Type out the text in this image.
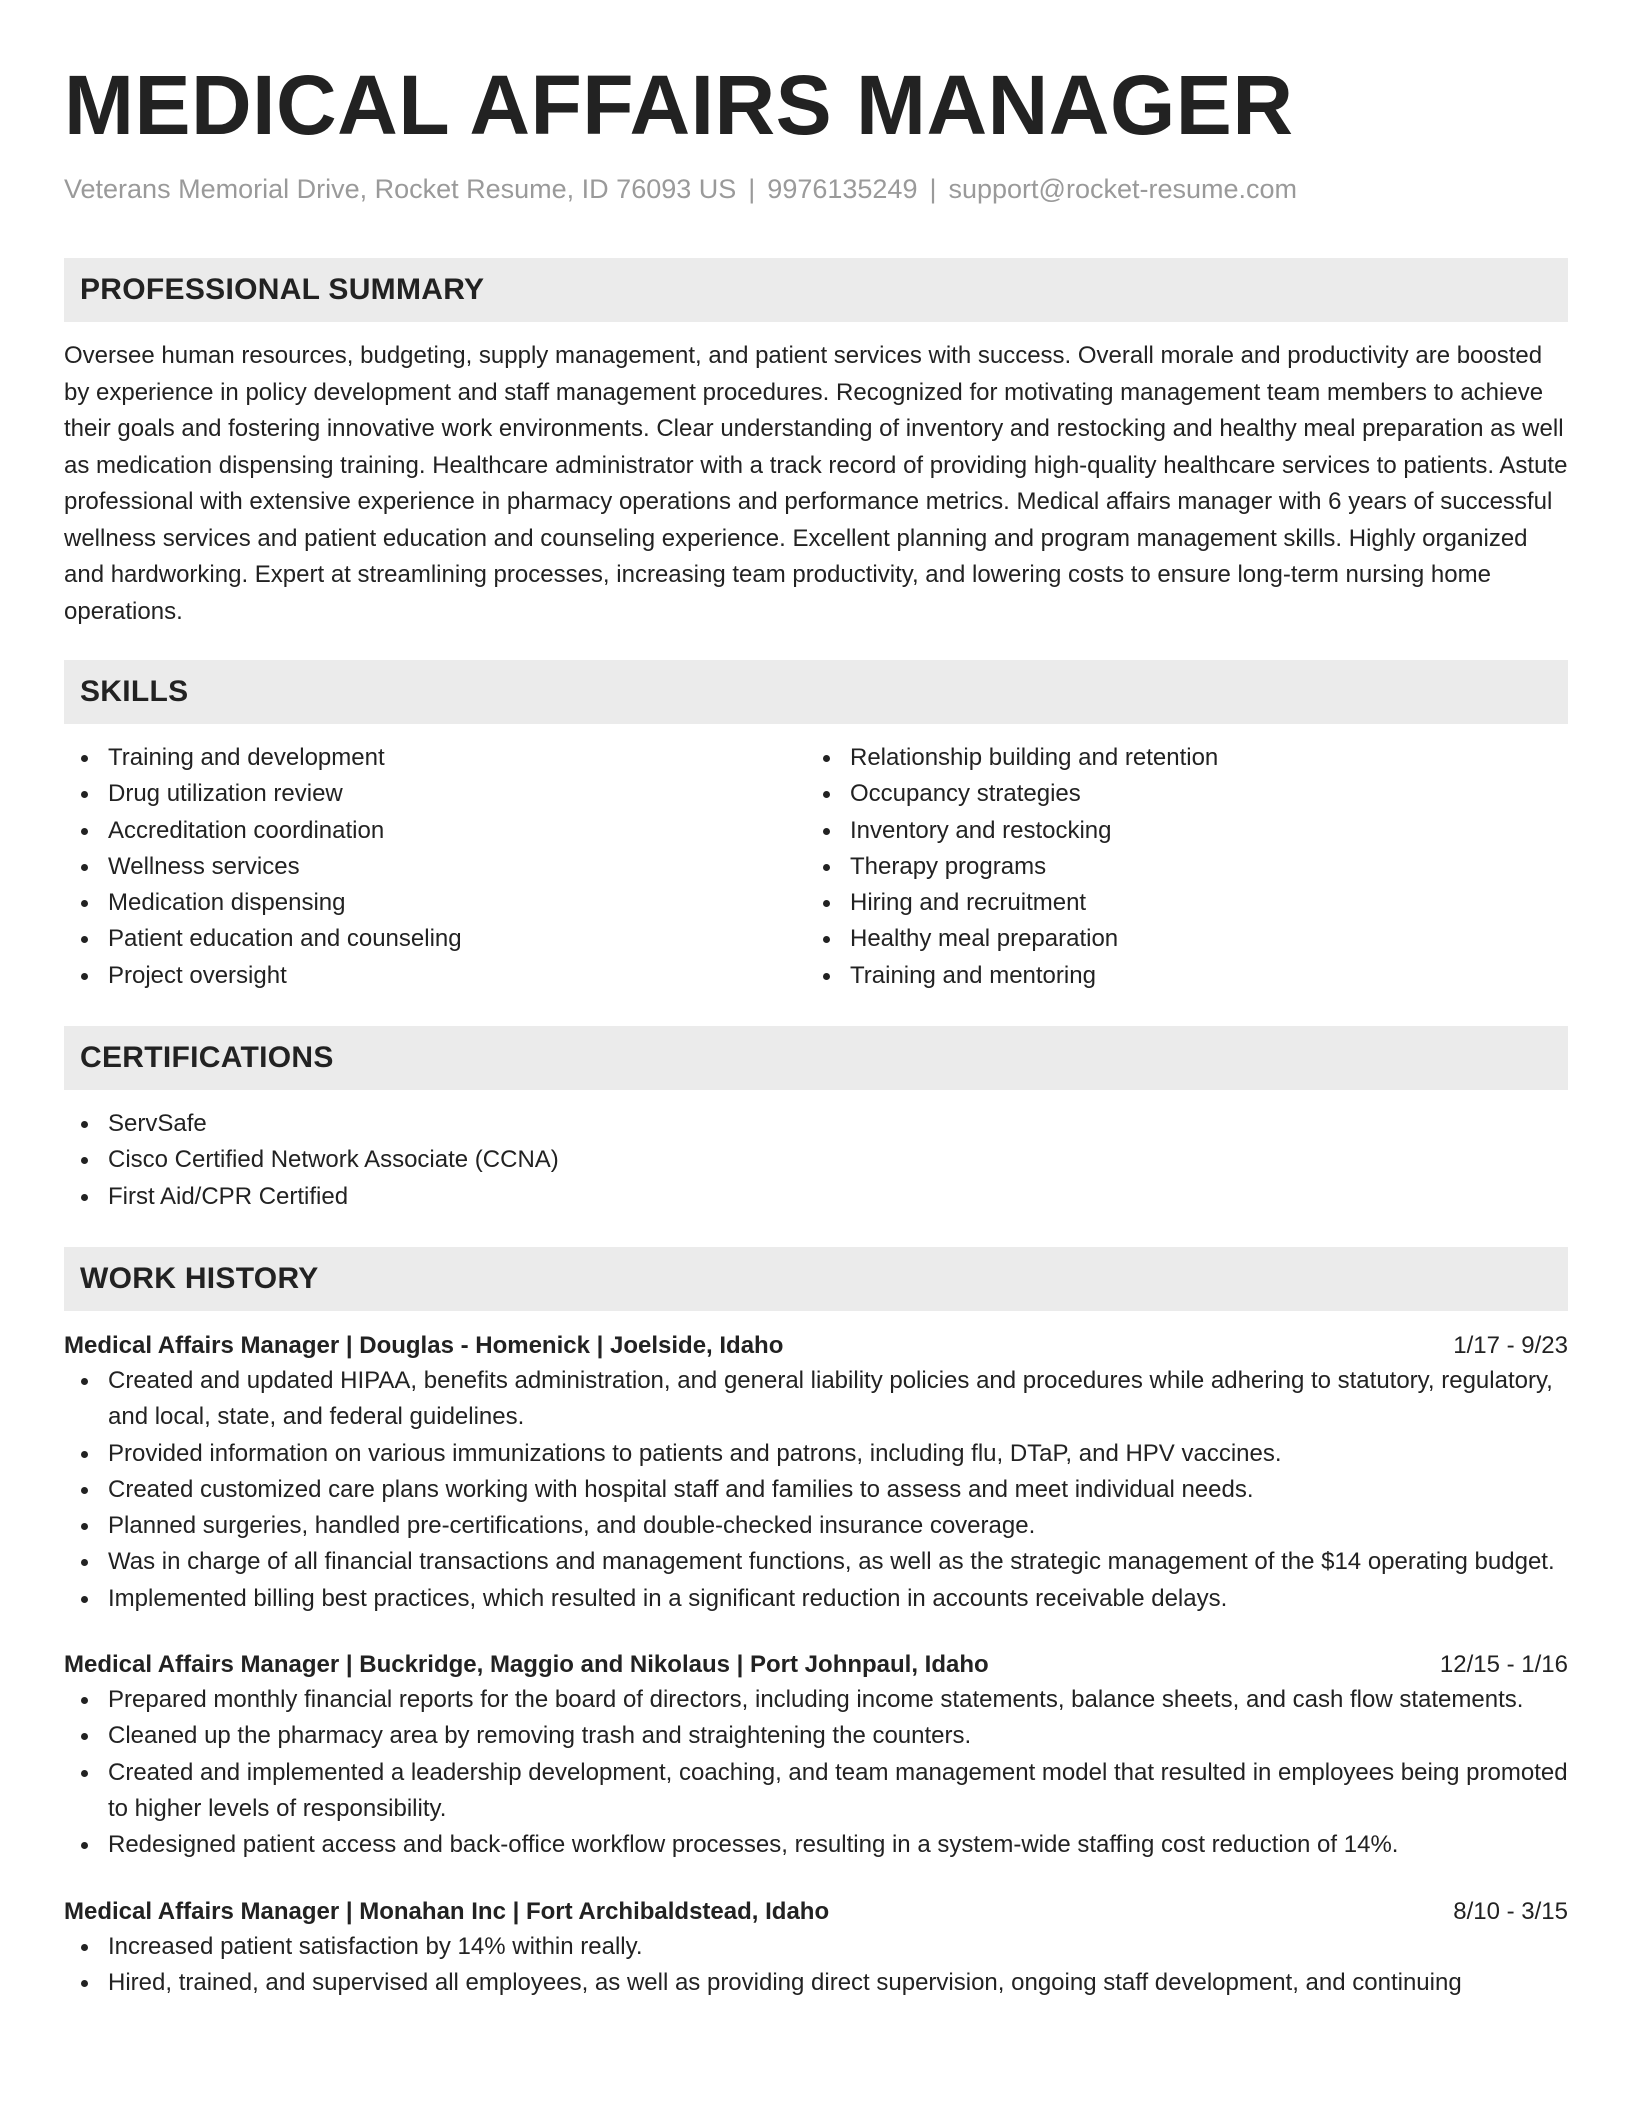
MEDICAL AFFAIRS MANAGER
Veterans Memorial Drive, Rocket Resume, ID 76093 US | 9976135249 | support@rocket-resume.com
PROFESSIONAL SUMMARY

Oversee human resources, budgeting, supply management, and patient services with success. Overall morale and productivity are boosted by experience in policy development and staff management procedures. Recognized for motivating management team members to achieve their goals and fostering innovative work environments. Clear understanding of inventory and restocking and healthy meal preparation as well as medication dispensing training. Healthcare administrator with a track record of providing high-quality healthcare services to patients. Astute professional with extensive experience in pharmacy operations and performance metrics. Medical affairs manager with 6 years of successful wellness services and patient education and counseling experience. Excellent planning and program management skills. Highly organized and hardworking. Expert at streamlining processes, increasing team productivity, and lowering costs to ensure long-term nursing home operations.

SKILLS
Training and development
Drug utilization review
Accreditation coordination
Wellness services
Medication dispensing
Patient education and counseling
Project oversight
Relationship building and retention
Occupancy strategies
Inventory and restocking
Therapy programs
Hiring and recruitment
Healthy meal preparation
Training and mentoring
CERTIFICATIONS
ServSafe
Cisco Certified Network Associate (CCNA)
First Aid/CPR Certified
WORK HISTORY
Medical Affairs Manager | Douglas - Homenick | Joelside, Idaho	1/17 - 9/23
Created and updated HIPAA, benefits administration, and general liability policies and procedures while adhering to statutory, regulatory, and local, state, and federal guidelines.
Provided information on various immunizations to patients and patrons, including flu, DTaP, and HPV vaccines.
Created customized care plans working with hospital staff and families to assess and meet individual needs.
Planned surgeries, handled pre-certifications, and double-checked insurance coverage.
Was in charge of all financial transactions and management functions, as well as the strategic management of the $14 operating budget.
Implemented billing best practices, which resulted in a significant reduction in accounts receivable delays.
Medical Affairs Manager | Buckridge, Maggio and Nikolaus | Port Johnpaul, Idaho	12/15 - 1/16
Prepared monthly financial reports for the board of directors, including income statements, balance sheets, and cash flow statements.
Cleaned up the pharmacy area by removing trash and straightening the counters.
Created and implemented a leadership development, coaching, and team management model that resulted in employees being promoted to higher levels of responsibility.
Redesigned patient access and back-office workflow processes, resulting in a system-wide staffing cost reduction of 14%.
Medical Affairs Manager | Monahan Inc | Fort Archibaldstead, Idaho	8/10 - 3/15
Increased patient satisfaction by 14% within really.
Hired, trained, and supervised all employees, as well as providing direct supervision, ongoing staff development, and continuing
